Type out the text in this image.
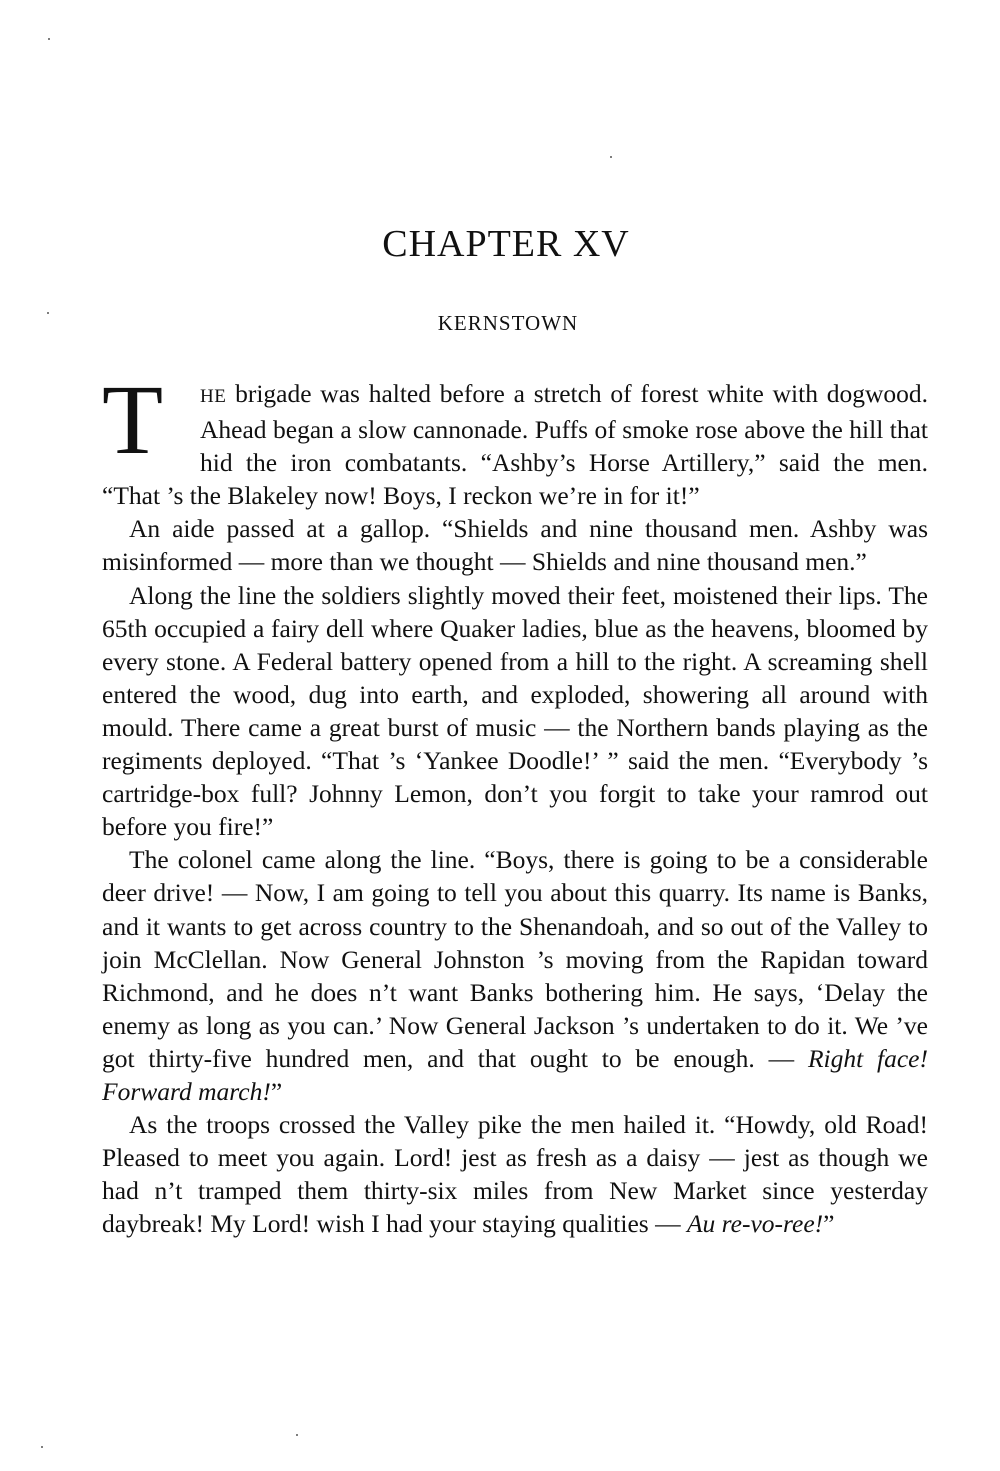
CHAPTER XV
KERNSTOWN

T	HE brigade was halted before a stretch of forest white with dogwood. Ahead began a slow cannonade. Puffs of smoke rose above the hill that hid the iron combatants. “Ashby’s Horse Artillery,” said the men. “That ’s the Blakeley now! Boys, I reckon we’re in for it!”

An aide passed at a gallop. “Shields and nine thousand men. Ashby was misinformed — more than we thought — Shields and nine thousand men.”

Along the line the soldiers slightly moved their feet, moistened their lips. The 65th occupied a fairy dell where Quaker ladies, blue as the heavens, bloomed by every stone. A Federal battery opened from a hill to the right. A screaming shell entered the wood, dug into earth, and exploded, showering all around with mould. There came a great burst of music — the Northern bands playing as the regiments deployed. “That ’s ‘Yankee Doodle!’ ” said the men. “Everybody ’s cartridge-box full? Johnny Lemon, don’t you forgit to take your ramrod out before you fire!”

The colonel came along the line. “Boys, there is going to be a considerable deer drive! — Now, I am going to tell you about this quarry. Its name is Banks, and it wants to get across country to the Shenandoah, and so out of the Valley to join McClellan. Now General Johnston ’s moving from the Rapidan toward Richmond, and he does n’t want Banks bothering him. He says, ‘Delay the enemy as long as you can.’ Now General Jackson ’s undertaken to do it. We ’ve got thirty-five hundred men, and that ought to be enough. — Right face! Forward march!”

As the troops crossed the Valley pike the men hailed it. “Howdy, old Road! Pleased to meet you again. Lord! jest as fresh as a daisy — jest as though we had n’t tramped them thirty-six miles from New Market since yesterday daybreak! My Lord! wish I had your staying qualities — Au re-vo-ree!”
